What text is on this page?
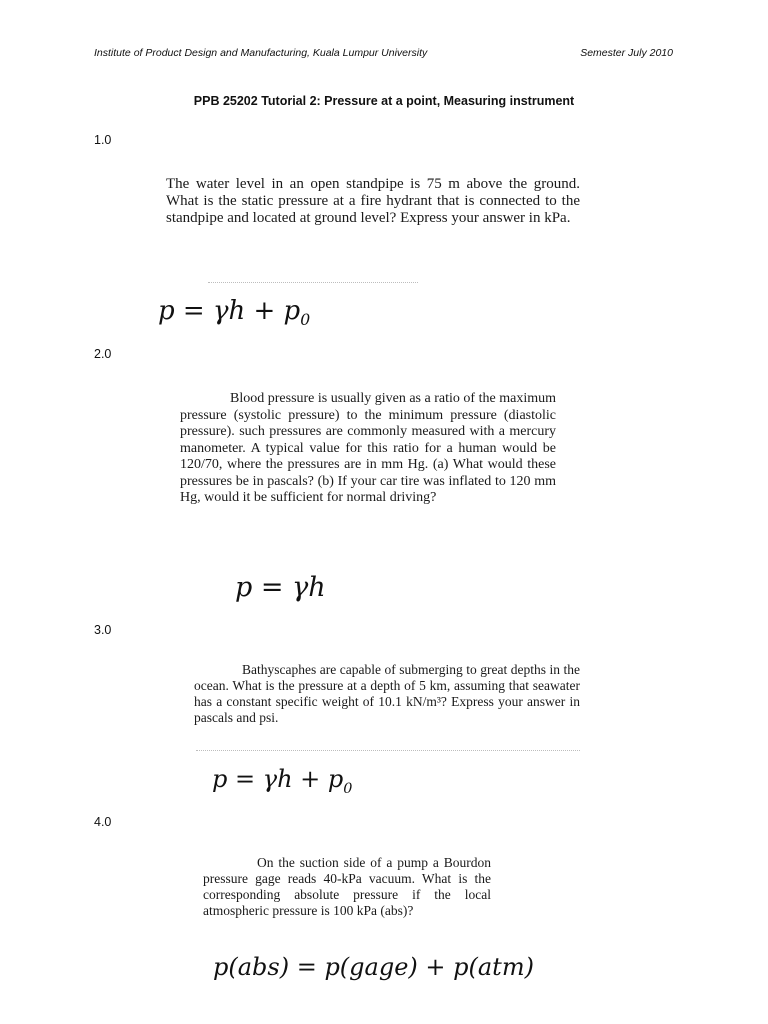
Institute of Product Design and Manufacturing, Kuala Lumpur University	Semester July 2010
PPB 25202 Tutorial 2: Pressure at a point, Measuring instrument
1.0

The water level in an open standpipe is 75 m above the ground. What is the static pressure at a fire hydrant that is connected to the standpipe and located at ground level? Express your answer in kPa.

$p = \gamma h + p_0$
2.0

Blood pressure is usually given as a ratio of the maximum pressure (systolic pressure) to the minimum pressure (diastolic pressure). such pressures are commonly measured with a mercury manometer. A typical value for this ratio for a human would be 120/70, where the pressures are in mm Hg. (a) What would these pressures be in pascals? (b) If your car tire was inflated to 120 mm Hg, would it be sufficient for normal driving?

p = γh
3.0

Bathyscaphes are capable of submerging to great depths in the ocean. What is the pressure at a depth of 5 km, assuming that seawater has a constant specific weight of 10.1 kN/m³? Express your answer in pascals and psi.

$p = \gamma h + p_0$
4.0

On the suction side of a pump a Bourdon pressure gage reads 40-kPa vacuum. What is the corresponding absolute pressure if the local atmospheric pressure is 100 kPa (abs)?

p(abs) = p(gage) + p(atm)
